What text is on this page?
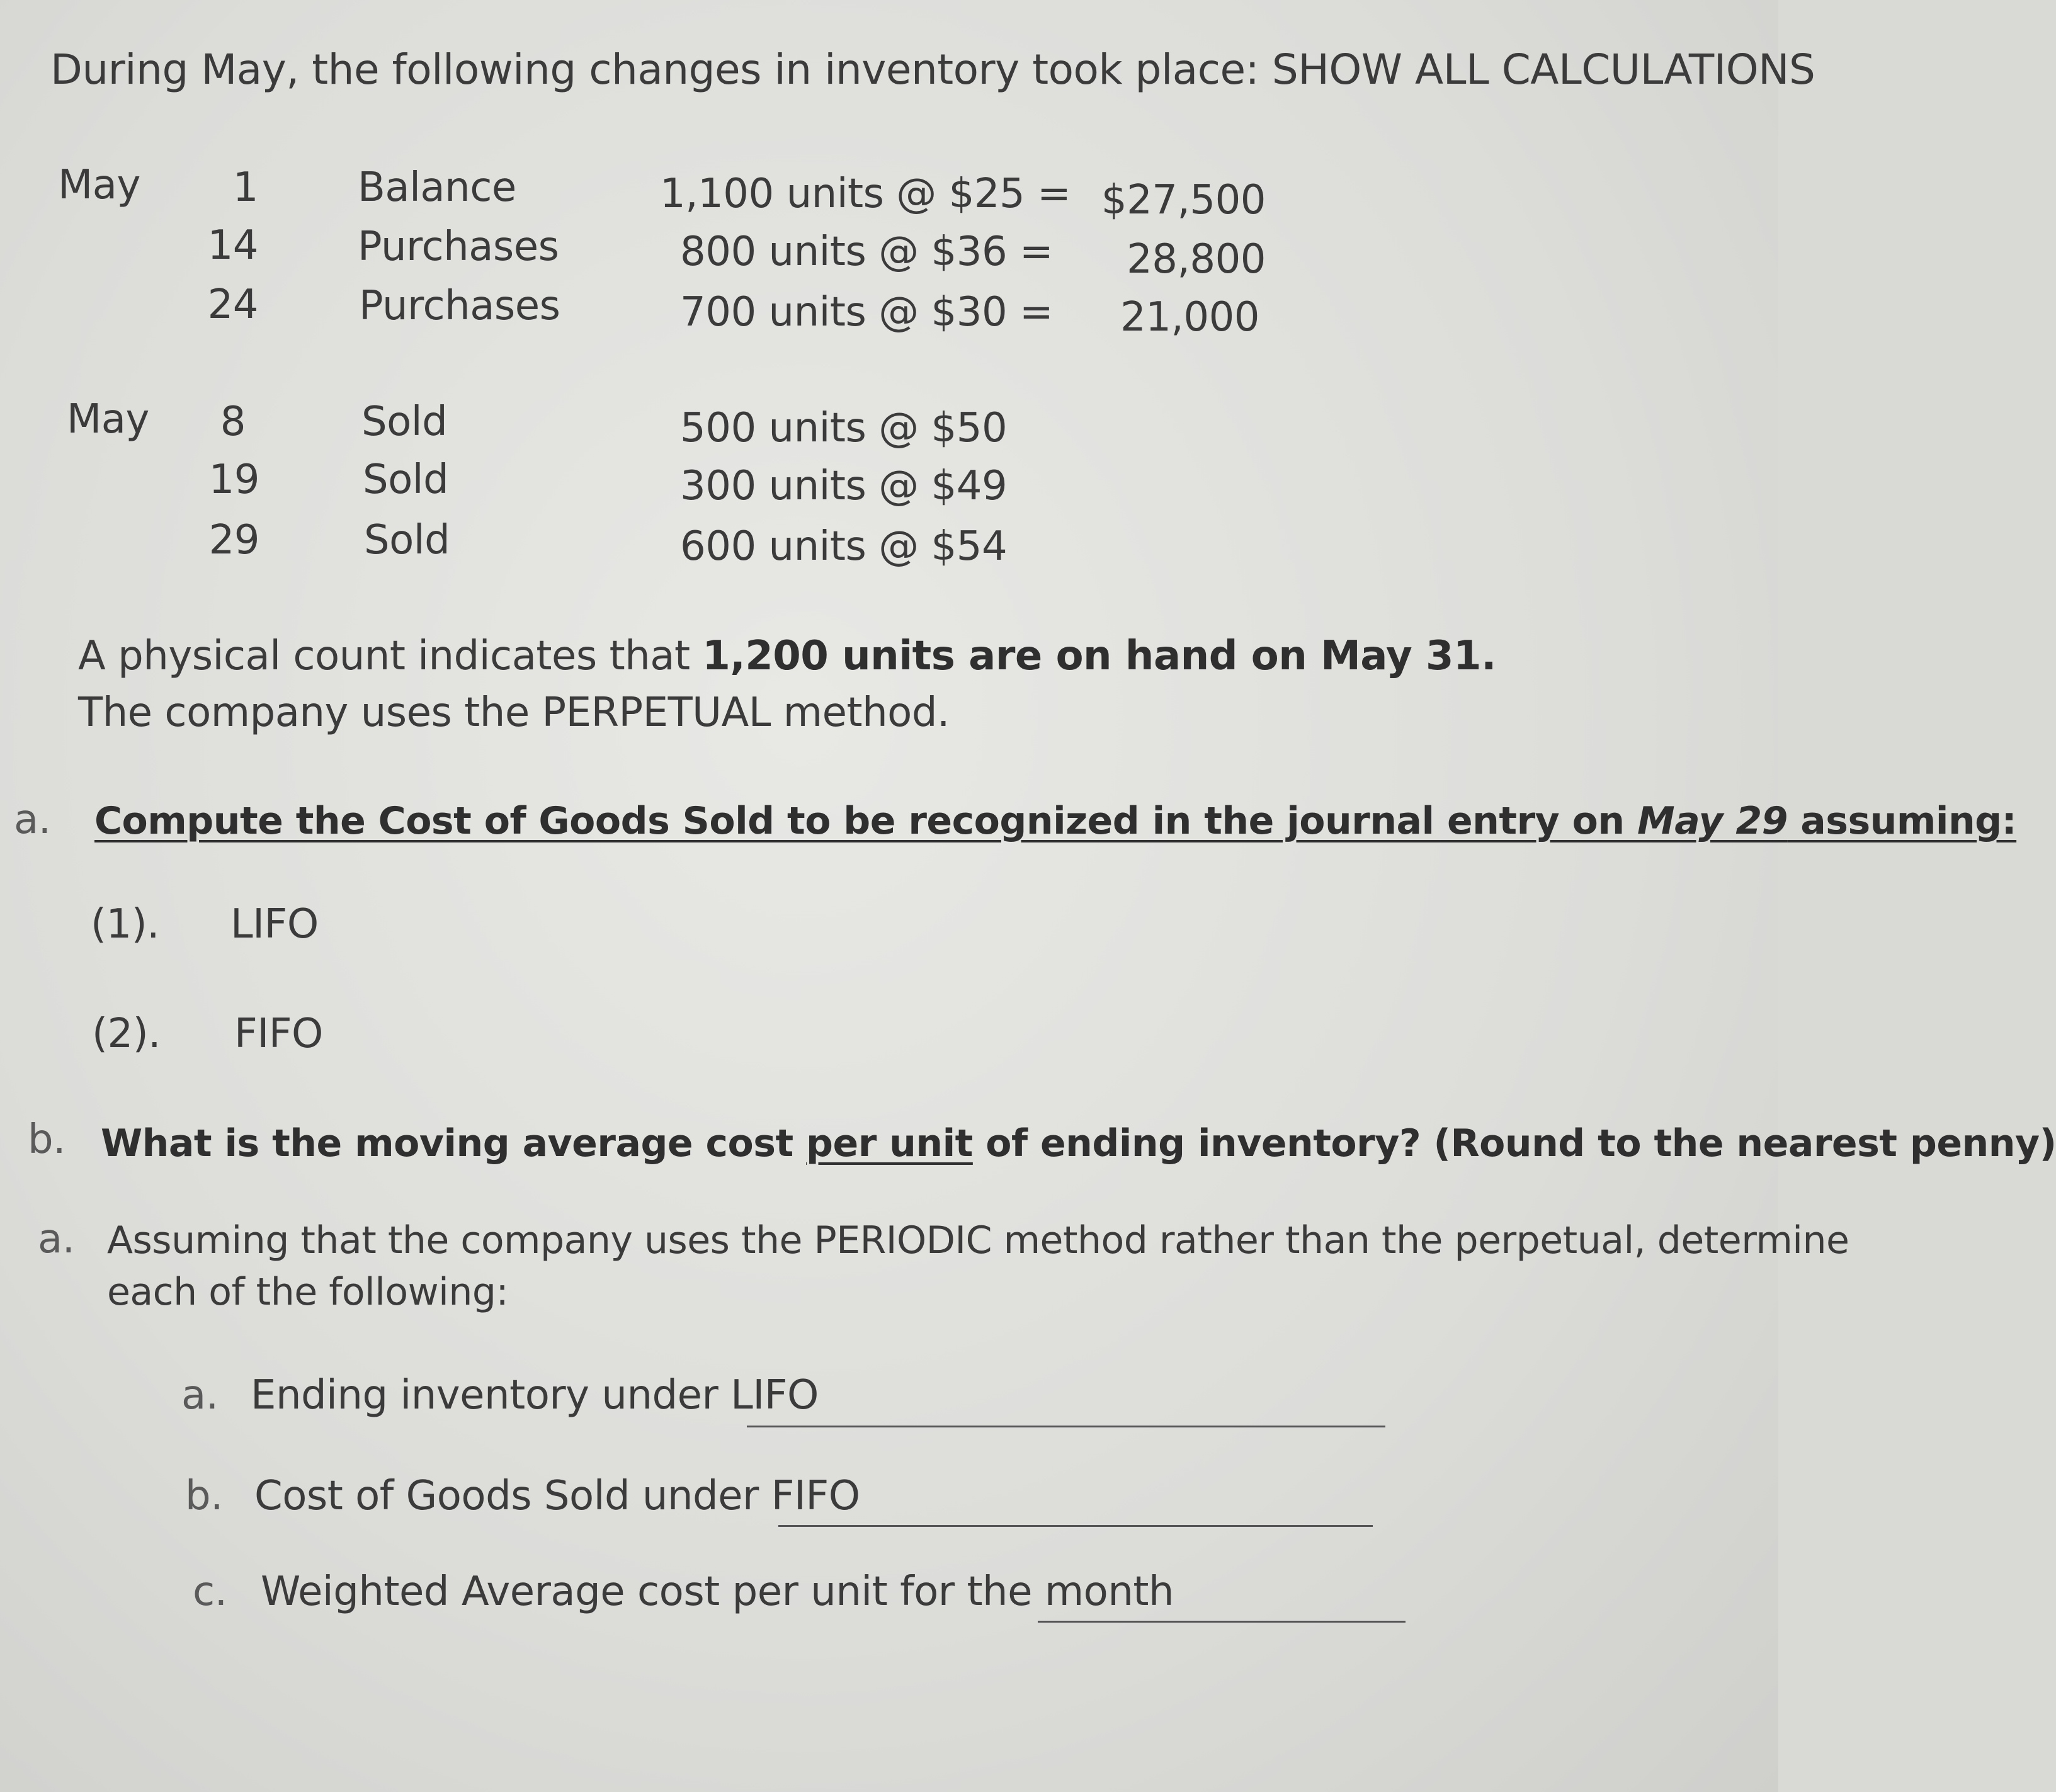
During May, the following changes in inventory took place: SHOW ALL CALCULATIONS
May	1 Balance	1,100 units @ $25 = $27,500
14 Purchases	800 units @ $36 =	28,800
24	Purchases	700 units @ $30 =	21,000
May	8	Sold	500 units @ $50
19	Sold	300 units @ $49
29	Sold	600 units @ $54
A physical count indicates that 1,200 units are on hand on May 31.
The company uses the PERPETUAL method.
a. Compute the Cost of Goods Sold to be recognized in the journal entry on May 29 assuming:
(1). LIFO
(2). FIFO
b. What is the moving average cost per unit of ending inventory? (Round to the nearest penny)
a. Assuming that the company uses the PERIODIC method rather than the perpetual, determine
each of the following:
a. Ending inventory under LIFO
b. Cost of Goods Sold under FIFO
c. Weighted Average cost per unit for the month
